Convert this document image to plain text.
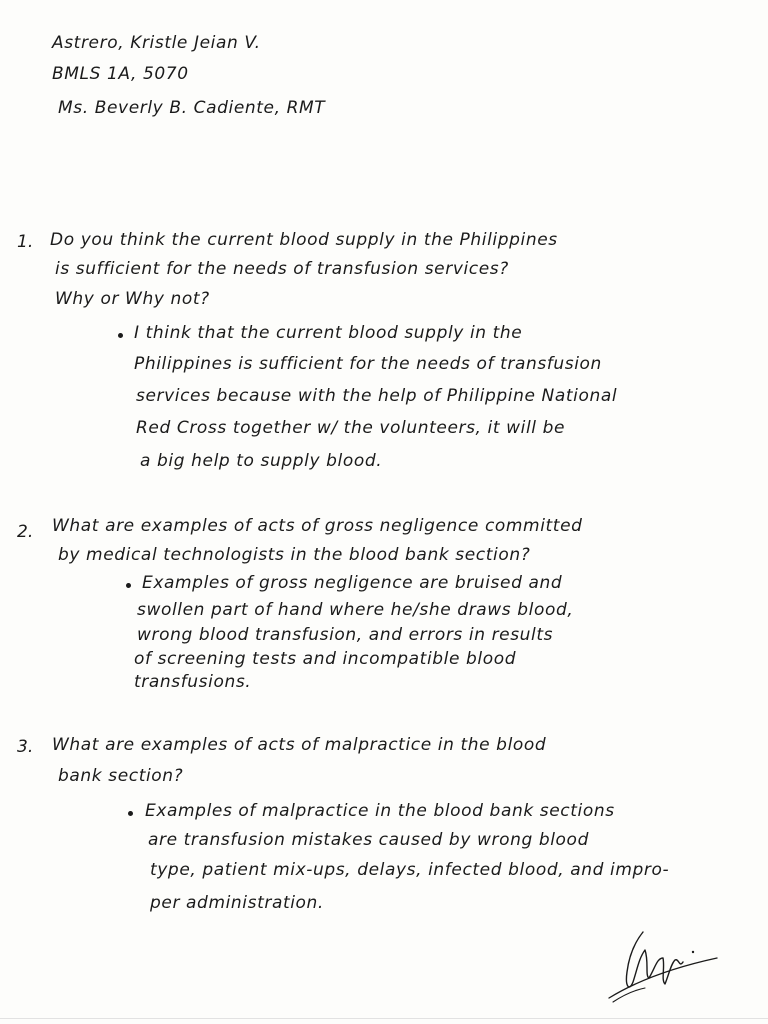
Astrero, Kristle Jeian V.
BMLS 1A, 5070
Ms. Beverly B. Cadiente, RMT
1. Do you think the current blood supply in the Philippines
is sufficient for the needs of transfusion services?
Why or Why not?
I think that the current blood supply in the
Philippines is sufficient for the needs of transfusion
services because with the help of Philippine National
Red Cross together w/ the volunteers, it will be
a big help to supply blood.
2. What are examples of acts of gross negligence committed
by medical technologists in the blood bank section?
Examples of gross negligence are bruised and
swollen part of hand where he/she draws blood,
wrong blood transfusion, and errors in results
of screening tests and incompatible blood
transfusions.
3. What are examples of acts of malpractice in the blood
bank section?
Examples of malpractice in the blood bank sections
are transfusion mistakes caused by wrong blood
type, patient mix-ups, delays, infected blood, and impro-
per administration.
